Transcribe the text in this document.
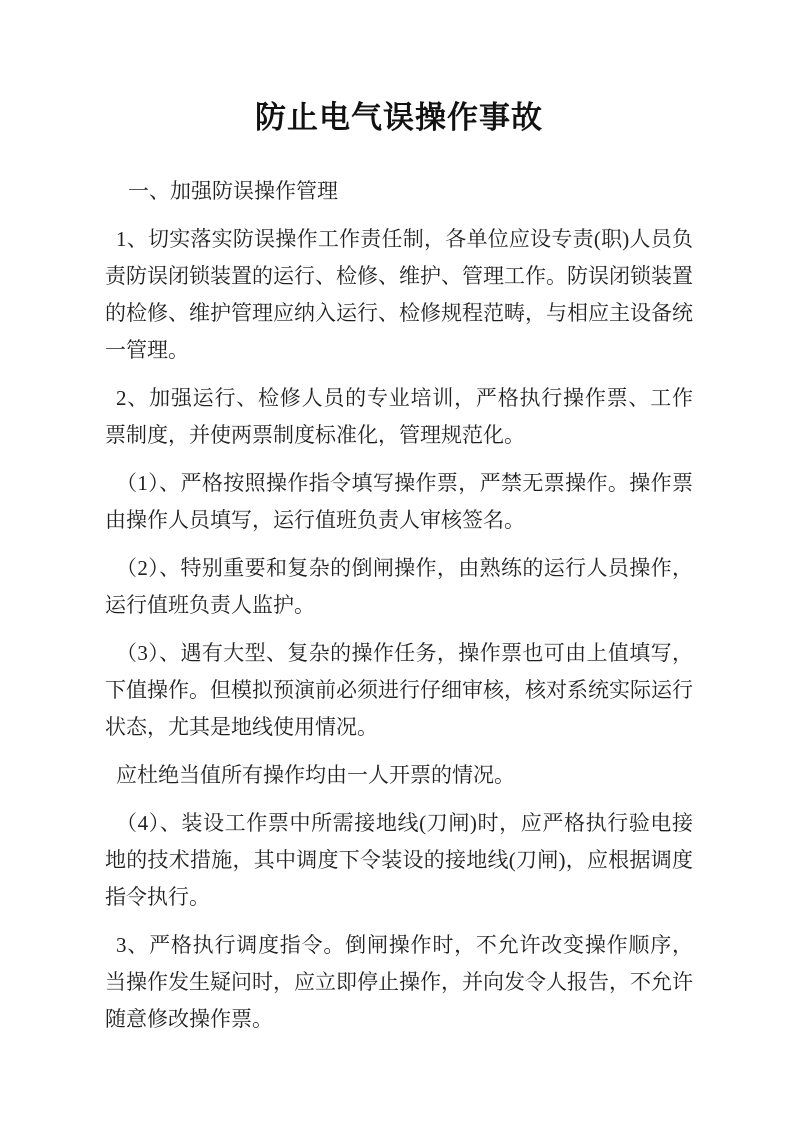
防止电气误操作事故
一、加强防误操作管理

1、切实落实防误操作工作责任制，各单位应设专责(职)人员负责防误闭锁装置的运行、检修、维护、管理工作。防误闭锁装置的检修、维护管理应纳入运行、检修规程范畴，与相应主设备统一管理。

2、加强运行、检修人员的专业培训，严格执行操作票、工作票制度，并使两票制度标准化，管理规范化。

（1）、严格按照操作指令填写操作票，严禁无票操作。操作票由操作人员填写，运行值班负责人审核签名。

（2）、特别重要和复杂的倒闸操作，由熟练的运行人员操作，运行值班负责人监护。

（3）、遇有大型、复杂的操作任务，操作票也可由上值填写，下值操作。但模拟预演前必须进行仔细审核，核对系统实际运行状态，尤其是地线使用情况。

应杜绝当值所有操作均由一人开票的情况。

（4）、装设工作票中所需接地线(刀闸)时，应严格执行验电接地的技术措施，其中调度下令装设的接地线(刀闸)，应根据调度指令执行。

3、严格执行调度指令。倒闸操作时，不允许改变操作顺序，当操作发生疑问时，应立即停止操作，并向发令人报告，不允许随意修改操作票。
